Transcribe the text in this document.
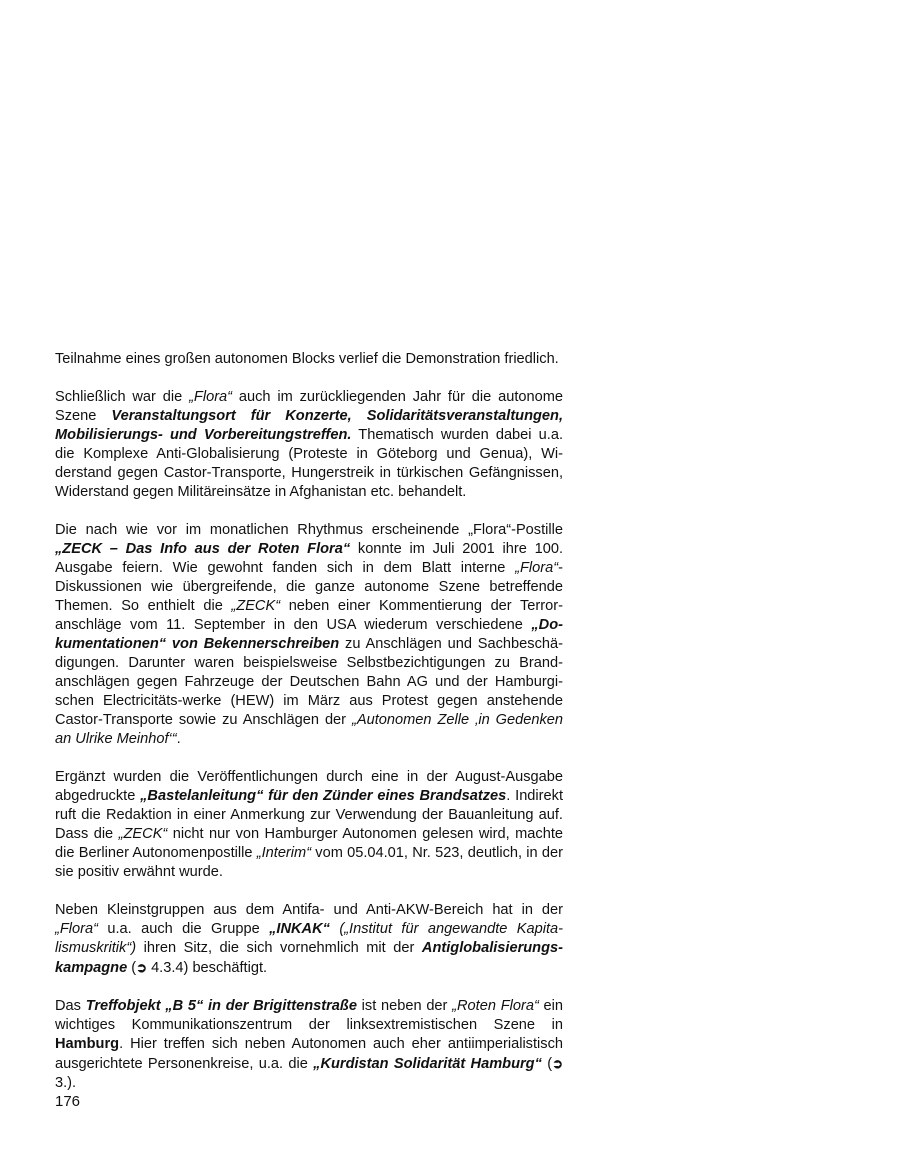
Teilnahme eines großen autonomen Blocks verlief die Demonstration friedlich.

Schließlich war die „Flora“ auch im zurückliegenden Jahr für die autonome Szene Veranstaltungsort für Konzerte, Solidaritätsveranstaltungen, Mobilisierungs- und Vorbereitungstreffen. Thematisch wurden dabei u.a. die Komplexe Anti-Globalisierung (Proteste in Göteborg und Genua), Widerstand gegen Castor-Transporte, Hungerstreik in türkischen Gefängnissen, Widerstand gegen Militäreinsätze in Afghanistan etc. behandelt.

Die nach wie vor im monatlichen Rhythmus erscheinende „Flora“-Postille „ZECK – Das Info aus der Roten Flora“ konnte im Juli 2001 ihre 100. Ausgabe feiern. Wie gewohnt fanden sich in dem Blatt interne „Flora“-Diskussionen wie übergreifende, die ganze autonome Szene betreffende Themen. So enthielt die „ZECK“ neben einer Kommentierung der Terroranschläge vom 11. September in den USA wiederum verschiedene „Dokumentationen“ von Bekennerschreiben zu Anschlägen und Sachbeschädigungen. Darunter waren beispielsweise Selbstbezichtigungen zu Brandanschlägen gegen Fahrzeuge der Deutschen Bahn AG und der Hamburgischen Electricitäts-werke (HEW) im März aus Protest gegen anstehende Castor-Transporte sowie zu Anschlägen der „Autonomen Zelle ‚in Gedenken an Ulrike Meinhof‘“.

Ergänzt wurden die Veröffentlichungen durch eine in der August-Ausgabe abgedruckte „Bastelanleitung“ für den Zünder eines Brandsatzes. Indirekt ruft die Redaktion in einer Anmerkung zur Verwendung der Bauanleitung auf. Dass die „ZECK“ nicht nur von Hamburger Autonomen gelesen wird, machte die Berliner Autonomenpostille „Interim“ vom 05.04.01, Nr. 523, deutlich, in der sie positiv erwähnt wurde.

Neben Kleinstgruppen aus dem Antifa- und Anti-AKW-Bereich hat in der „Flora“ u.a. auch die Gruppe „INKAK“ („Institut für angewandte Kapitalismuskritik“) ihren Sitz, die sich vornehmlich mit der Antiglobalisierungskampagne (➲ 4.3.4) beschäftigt.

Das Treffobjekt „B 5“ in der Brigittenstraße ist neben der „Roten Flora“ ein wichtiges Kommunikationszentrum der linksextremistischen Szene in Hamburg. Hier treffen sich neben Autonomen auch eher antiimperialistisch ausgerichtete Personenkreise, u.a. die „Kurdistan Solidarität Hamburg“ (➲ 3.).

176
